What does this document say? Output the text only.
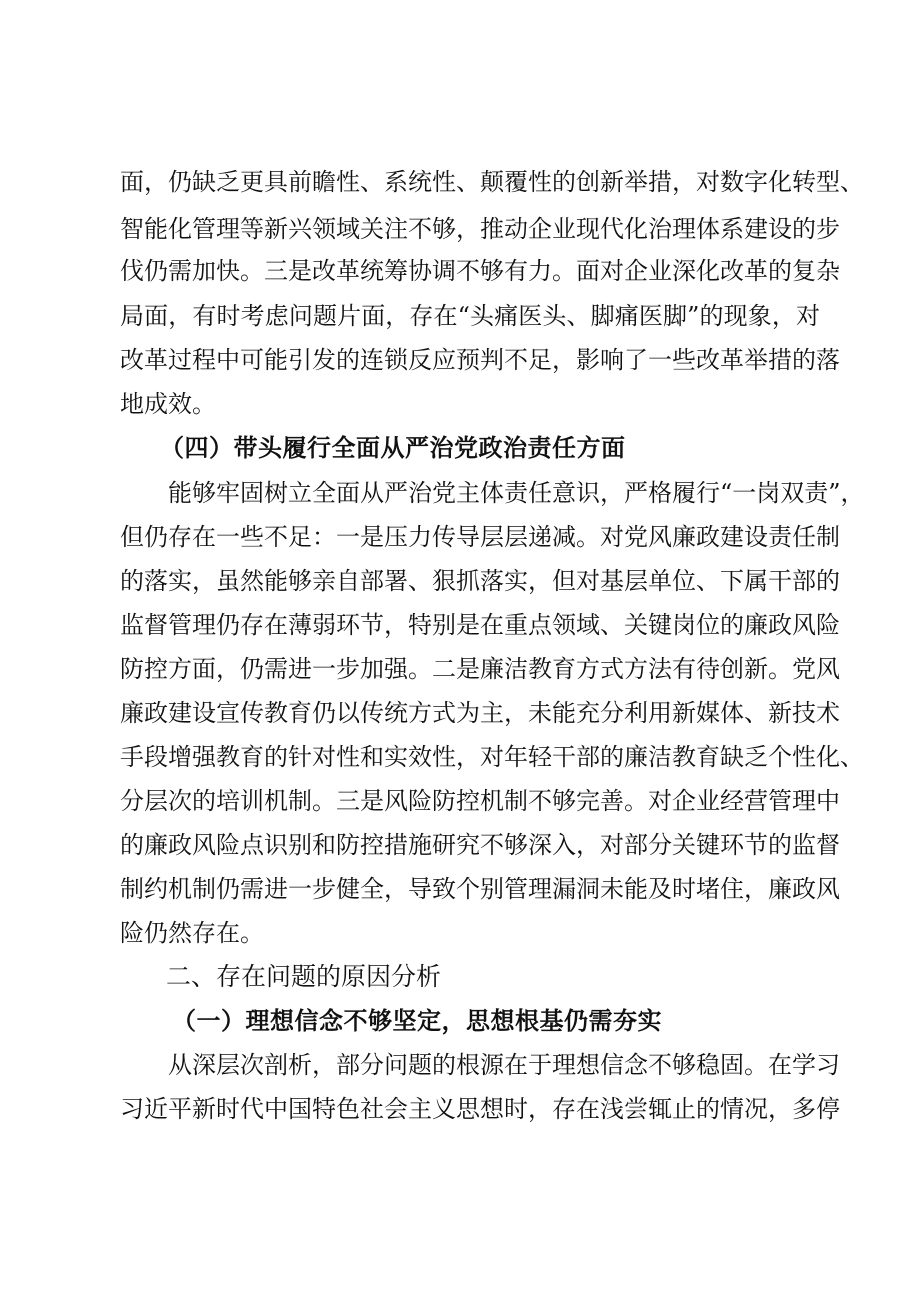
面，仍缺乏更具前瞻性、系统性、颠覆性的创新举措，对数字化转型、
智能化管理等新兴领域关注不够，推动企业现代化治理体系建设的步
伐仍需加快。三是改革统筹协调不够有力。面对企业深化改革的复杂
局面，有时考虑问题片面，存在“头痛医头、脚痛医脚”的现象，对
改革过程中可能引发的连锁反应预判不足，影响了一些改革举措的落
地成效。
（四）带头履行全面从严治党政治责任方面
能够牢固树立全面从严治党主体责任意识，严格履行“一岗双责”，
但仍存在一些不足：一是压力传导层层递减。对党风廉政建设责任制
的落实，虽然能够亲自部署、狠抓落实，但对基层单位、下属干部的
监督管理仍存在薄弱环节，特别是在重点领域、关键岗位的廉政风险
防控方面，仍需进一步加强。二是廉洁教育方式方法有待创新。党风
廉政建设宣传教育仍以传统方式为主，未能充分利用新媒体、新技术
手段增强教育的针对性和实效性，对年轻干部的廉洁教育缺乏个性化、
分层次的培训机制。三是风险防控机制不够完善。对企业经营管理中
的廉政风险点识别和防控措施研究不够深入，对部分关键环节的监督
制约机制仍需进一步健全，导致个别管理漏洞未能及时堵住，廉政风
险仍然存在。
二、存在问题的原因分析
（一）理想信念不够坚定，思想根基仍需夯实
从深层次剖析，部分问题的根源在于理想信念不够稳固。在学习
习近平新时代中国特色社会主义思想时，存在浅尝辄止的情况，多停
